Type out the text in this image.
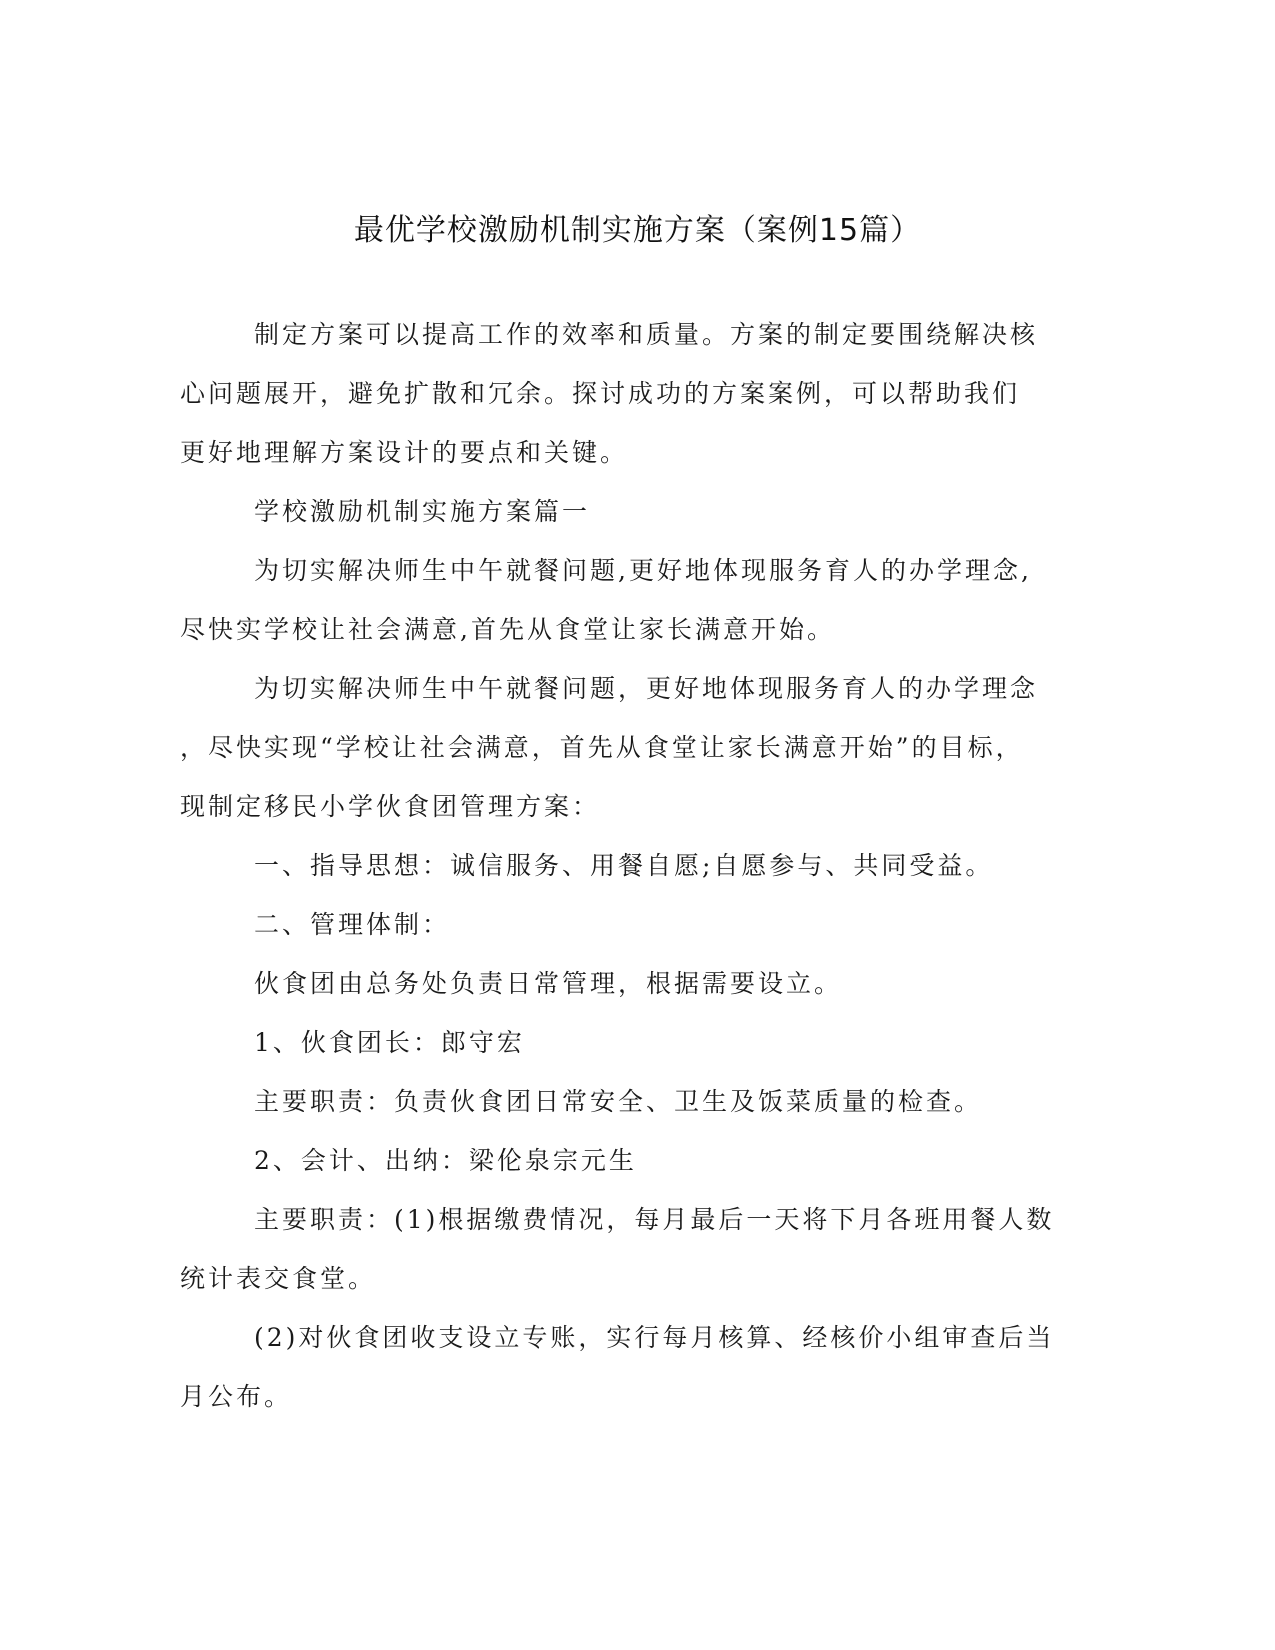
最优学校激励机制实施方案（案例15篇）
制定方案可以提高工作的效率和质量。方案的制定要围绕解决核
心问题展开，避免扩散和冗余。探讨成功的方案案例，可以帮助我们
更好地理解方案设计的要点和关键。
学校激励机制实施方案篇一
为切实解决师生中午就餐问题,更好地体现服务育人的办学理念,
尽快实学校让社会满意,首先从食堂让家长满意开始。
为切实解决师生中午就餐问题，更好地体现服务育人的办学理念
，尽快实现“学校让社会满意，首先从食堂让家长满意开始”的目标，
现制定移民小学伙食团管理方案：
一、指导思想：诚信服务、用餐自愿;自愿参与、共同受益。
二、管理体制：
伙食团由总务处负责日常管理，根据需要设立。
1、伙食团长：郎守宏
主要职责：负责伙食团日常安全、卫生及饭菜质量的检查。
2、会计、出纳：梁伦泉宗元生
主要职责：(1)根据缴费情况，每月最后一天将下月各班用餐人数
统计表交食堂。
(2)对伙食团收支设立专账，实行每月核算、经核价小组审查后当
月公布。
